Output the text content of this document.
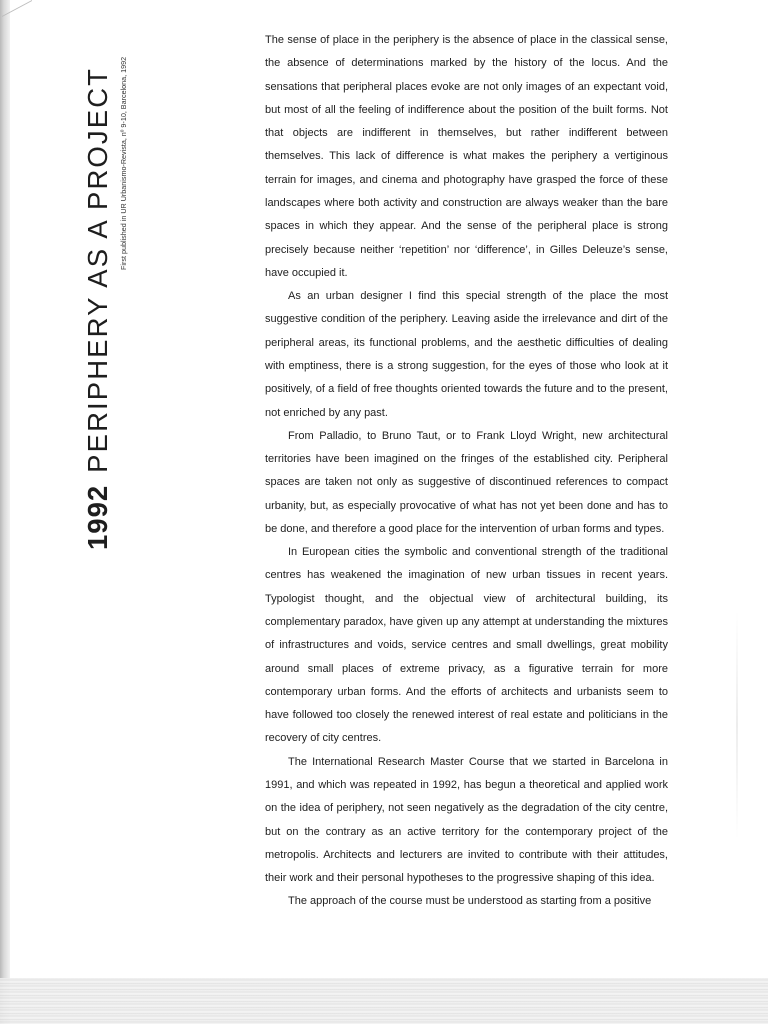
1992PERIPHERY AS A PROJECT First published in UR Urbanismo-Revista, nº 9-10, Barcelona, 1992

The sense of place in the periphery is the absence of place in the classical sense, the absence of determinations marked by the history of the locus. And the sensations that peripheral places evoke are not only images of an expectant void, but most of all the feeling of indifference about the position of the built forms. Not that objects are indifferent in themselves, but rather indifferent between themselves. This lack of difference is what makes the periphery a vertiginous terrain for images, and cinema and photography have grasped the force of these landscapes where both activity and construction are always weaker than the bare spaces in which they appear. And the sense of the peripheral place is strong precisely because neither ‘repetition’ nor ‘difference’, in Gilles Deleuze’s sense, have occupied it.

As an urban designer I find this special strength of the place the most suggestive condition of the periphery. Leaving aside the irrelevance and dirt of the peripheral areas, its functional problems, and the aesthetic difficulties of dealing with emptiness, there is a strong suggestion, for the eyes of those who look at it positively, of a field of free thoughts oriented towards the future and to the present, not enriched by any past.

From Palladio, to Bruno Taut, or to Frank Lloyd Wright, new architectural territories have been imagined on the fringes of the established city. Peripheral spaces are taken not only as suggestive of discontinued references to compact urbanity, but, as especially provocative of what has not yet been done and has to be done, and therefore a good place for the intervention of urban forms and types.

In European cities the symbolic and conventional strength of the traditional centres has weakened the imagination of new urban tissues in recent years. Typologist thought, and the objectual view of architectural building, its complementary paradox, have given up any attempt at understanding the mixtures of infrastructures and voids, service centres and small dwellings, great mobility around small places of extreme privacy, as a figurative terrain for more contemporary urban forms. And the efforts of architects and urbanists seem to have followed too closely the renewed interest of real estate and politicians in the recovery of city centres.

The International Research Master Course that we started in Barcelona in 1991, and which was repeated in 1992, has begun a theoretical and applied work on the idea of periphery, not seen negatively as the degradation of the city centre, but on the contrary as an active territory for the contemporary project of the metropolis. Architects and lecturers are invited to contribute with their attitudes, their work and their personal hypotheses to the progressive shaping of this idea.

The approach of the course must be understood as starting from a positive
